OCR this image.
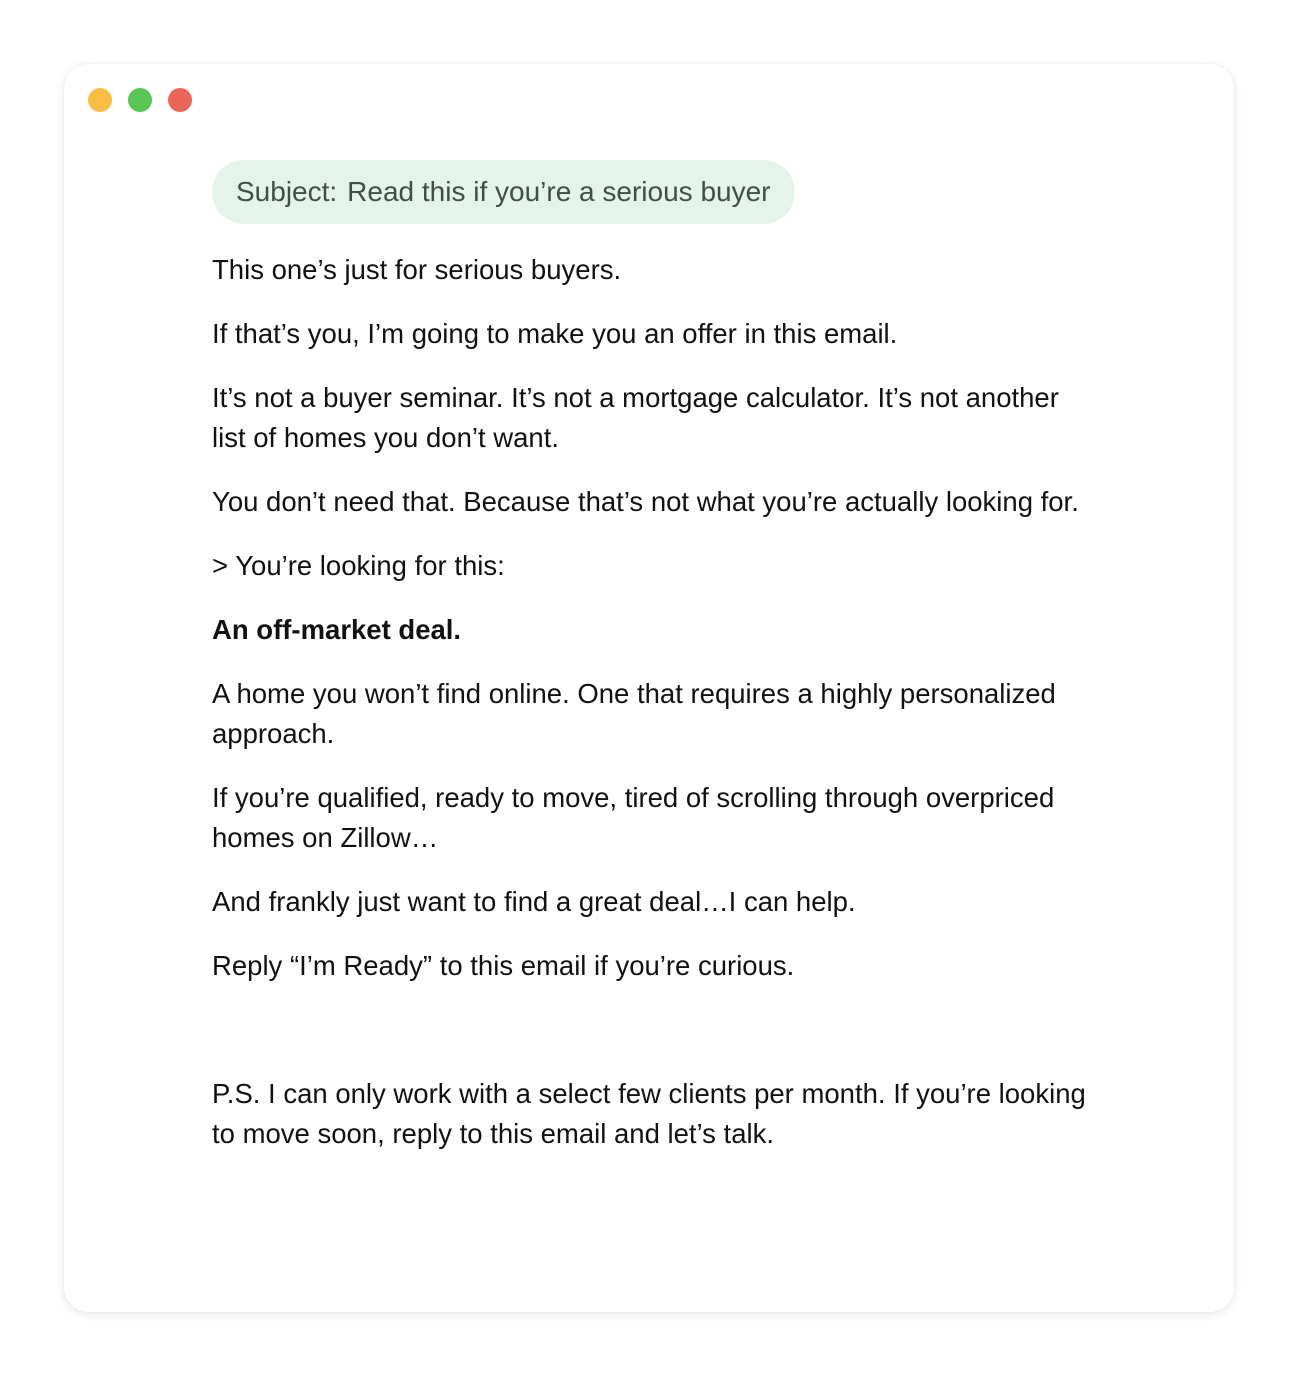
Subject: Read this if you’re a serious buyer

This one’s just for serious buyers.

If that’s you, I’m going to make you an offer in this email.

It’s not a buyer seminar. It’s not a mortgage calculator. It’s not another list of homes you don’t want.

You don’t need that. Because that’s not what you’re actually looking for.

> You’re looking for this:

An off-market deal.

A home you won’t find online. One that requires a highly personalized approach.

If you’re qualified, ready to move, tired of scrolling through overpriced homes on Zillow…

And frankly just want to find a great deal…I can help.

Reply “I’m Ready” to this email if you’re curious.

P.S. I can only work with a select few clients per month. If you’re looking to move soon, reply to this email and let’s talk.
